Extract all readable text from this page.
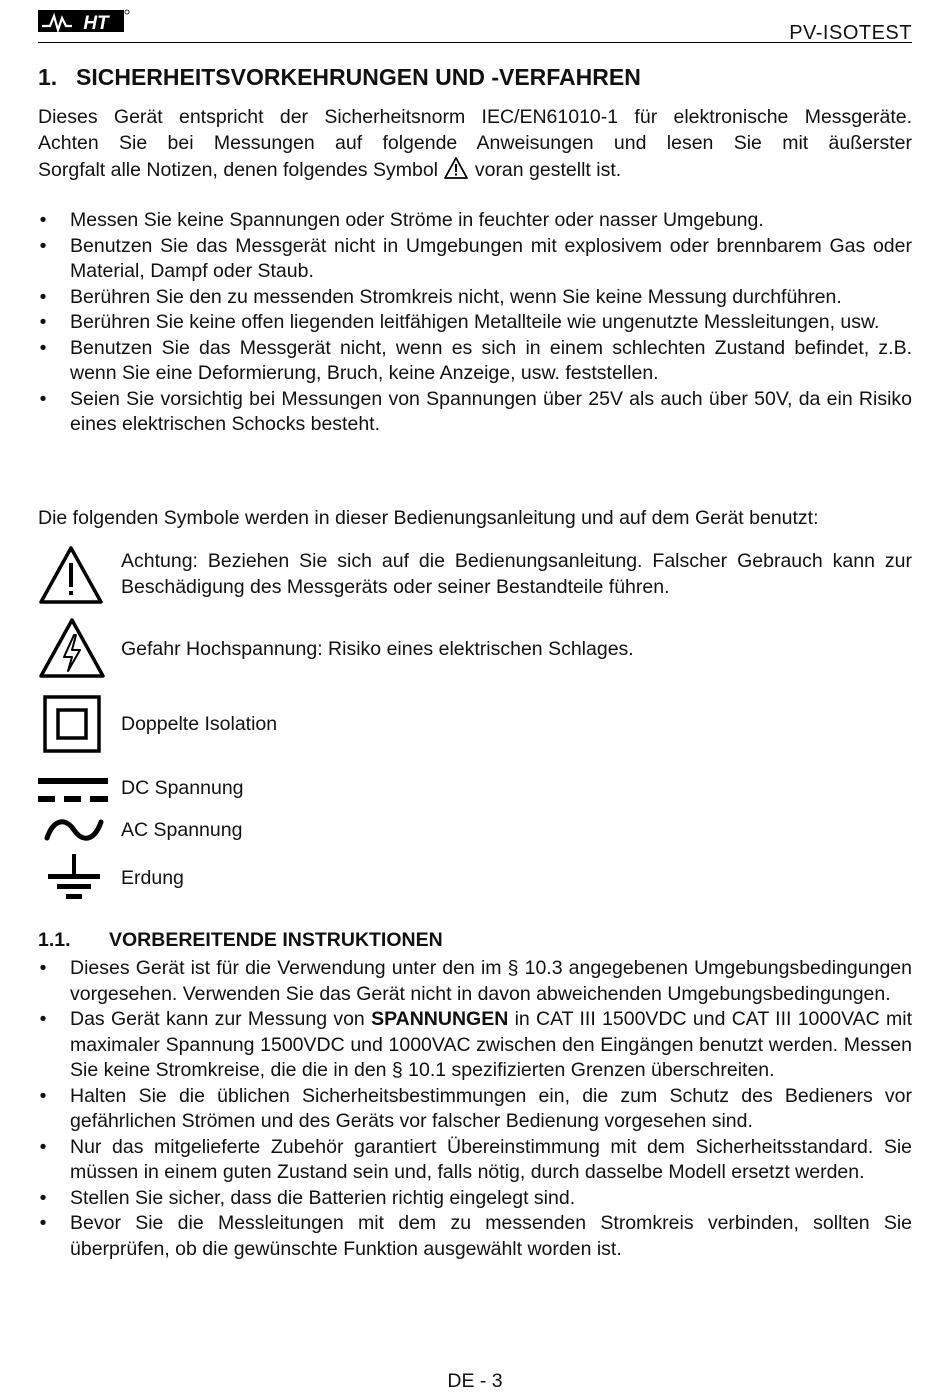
HT	PV-ISOTEST
1. SICHERHEITSVORKEHRUNGEN UND -VERFAHREN
Dieses Gerät entspricht der Sicherheitsnorm IEC/EN61010-1 für elektronische Messgeräte.
Achten Sie bei Messungen auf folgende Anweisungen und lesen Sie mit äußerster
Sorgfalt alle Notizen, denen folgendes Symbol voran gestellt ist.
• Messen Sie keine Spannungen oder Ströme in feuchter oder nasser Umgebung.
• Benutzen Sie das Messgerät nicht in Umgebungen mit explosivem oder brennbarem Gas oder Material, Dampf oder Staub.
• Berühren Sie den zu messenden Stromkreis nicht, wenn Sie keine Messung durchführen.
• Berühren Sie keine offen liegenden leitfähigen Metallteile wie ungenutzte Messleitungen, usw.
• Benutzen Sie das Messgerät nicht, wenn es sich in einem schlechten Zustand befindet, z.B. wenn Sie eine Deformierung, Bruch, keine Anzeige, usw. feststellen.
• Seien Sie vorsichtig bei Messungen von Spannungen über 25V als auch über 50V, da ein Risiko eines elektrischen Schocks besteht.
Die folgenden Symbole werden in dieser Bedienungsanleitung und auf dem Gerät benutzt:
Achtung: Beziehen Sie sich auf die Bedienungsanleitung. Falscher Gebrauch kann zur Beschädigung des Messgeräts oder seiner Bestandteile führen.
Gefahr Hochspannung: Risiko eines elektrischen Schlages.
Doppelte Isolation
DC Spannung
AC Spannung
Erdung
1.1. VORBEREITENDE INSTRUKTIONEN
• Dieses Gerät ist für die Verwendung unter den im § 10.3 angegebenen Umgebungsbedingungen vorgesehen. Verwenden Sie das Gerät nicht in davon abweichenden Umgebungsbedingungen.
• Das Gerät kann zur Messung von SPANNUNGEN in CAT III 1500VDC und CAT III 1000VAC mit maximaler Spannung 1500VDC und 1000VAC zwischen den Eingängen benutzt werden. Messen Sie keine Stromkreise, die die in den § 10.1 spezifizierten Grenzen überschreiten.
• Halten Sie die üblichen Sicherheitsbestimmungen ein, die zum Schutz des Bedieners vor gefährlichen Strömen und des Geräts vor falscher Bedienung vorgesehen sind.
• Nur das mitgelieferte Zubehör garantiert Übereinstimmung mit dem Sicherheitsstandard. Sie müssen in einem guten Zustand sein und, falls nötig, durch dasselbe Modell ersetzt werden.
• Stellen Sie sicher, dass die Batterien richtig eingelegt sind.
• Bevor Sie die Messleitungen mit dem zu messenden Stromkreis verbinden, sollten Sie überprüfen, ob die gewünschte Funktion ausgewählt worden ist.
DE - 3
